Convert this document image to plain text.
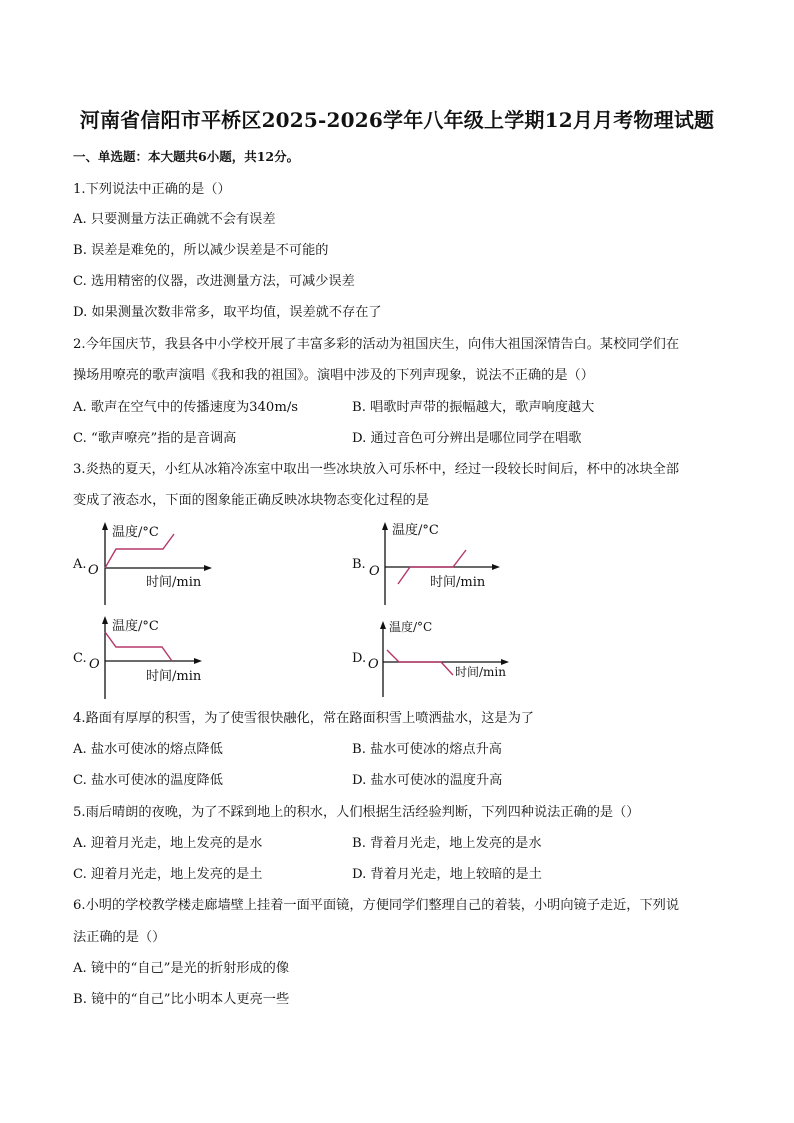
河南省信阳市平桥区2025-2026学年八年级上学期12月月考物理试题
一、单选题：本大题共6小题，共12分。
1.下列说法中正确的是（）
A. 只要测量方法正确就不会有误差
B. 误差是难免的，所以减少误差是不可能的
C. 选用精密的仪器，改进测量方法，可减少误差
D. 如果测量次数非常多，取平均值，误差就不存在了
2.今年国庆节，我县各中小学校开展了丰富多彩的活动为祖国庆生，向伟大祖国深情告白。某校同学们在
操场用嘹亮的歌声演唱《我和我的祖国》。演唱中涉及的下列声现象，说法不正确的是（）
A. 歌声在空气中的传播速度为340m/s	B. 唱歌时声带的振幅越大，歌声响度越大
C. “歌声嘹亮”指的是音调高	D. 通过音色可分辨出是哪位同学在唱歌
3.炎热的夏天，小红从冰箱冷冻室中取出一些冰块放入可乐杯中，经过一段较长时间后，杯中的冰块全部
变成了液态水，下面的图象能正确反映冰块物态变化过程的是
A.
温度/°C
O
时间/min
B.
温度/°C
O
时间/min
C.
温度/°C
O
时间/min
D.
温度/°C
O	时间/min
4.路面有厚厚的积雪，为了使雪很快融化，常在路面积雪上喷洒盐水，这是为了
A. 盐水可使冰的熔点降低	B. 盐水可使冰的熔点升高
C. 盐水可使冰的温度降低	D. 盐水可使冰的温度升高
5.雨后晴朗的夜晚，为了不踩到地上的积水，人们根据生活经验判断，下列四种说法正确的是（）
A. 迎着月光走，地上发亮的是水	B. 背着月光走，地上发亮的是水
C. 迎着月光走，地上发亮的是土	D. 背着月光走，地上较暗的是土
6.小明的学校教学楼走廊墙壁上挂着一面平面镜，方便同学们整理自己的着装，小明向镜子走近，下列说
法正确的是（）
A. 镜中的“自己”是光的折射形成的像
B. 镜中的“自己”比小明本人更亮一些
